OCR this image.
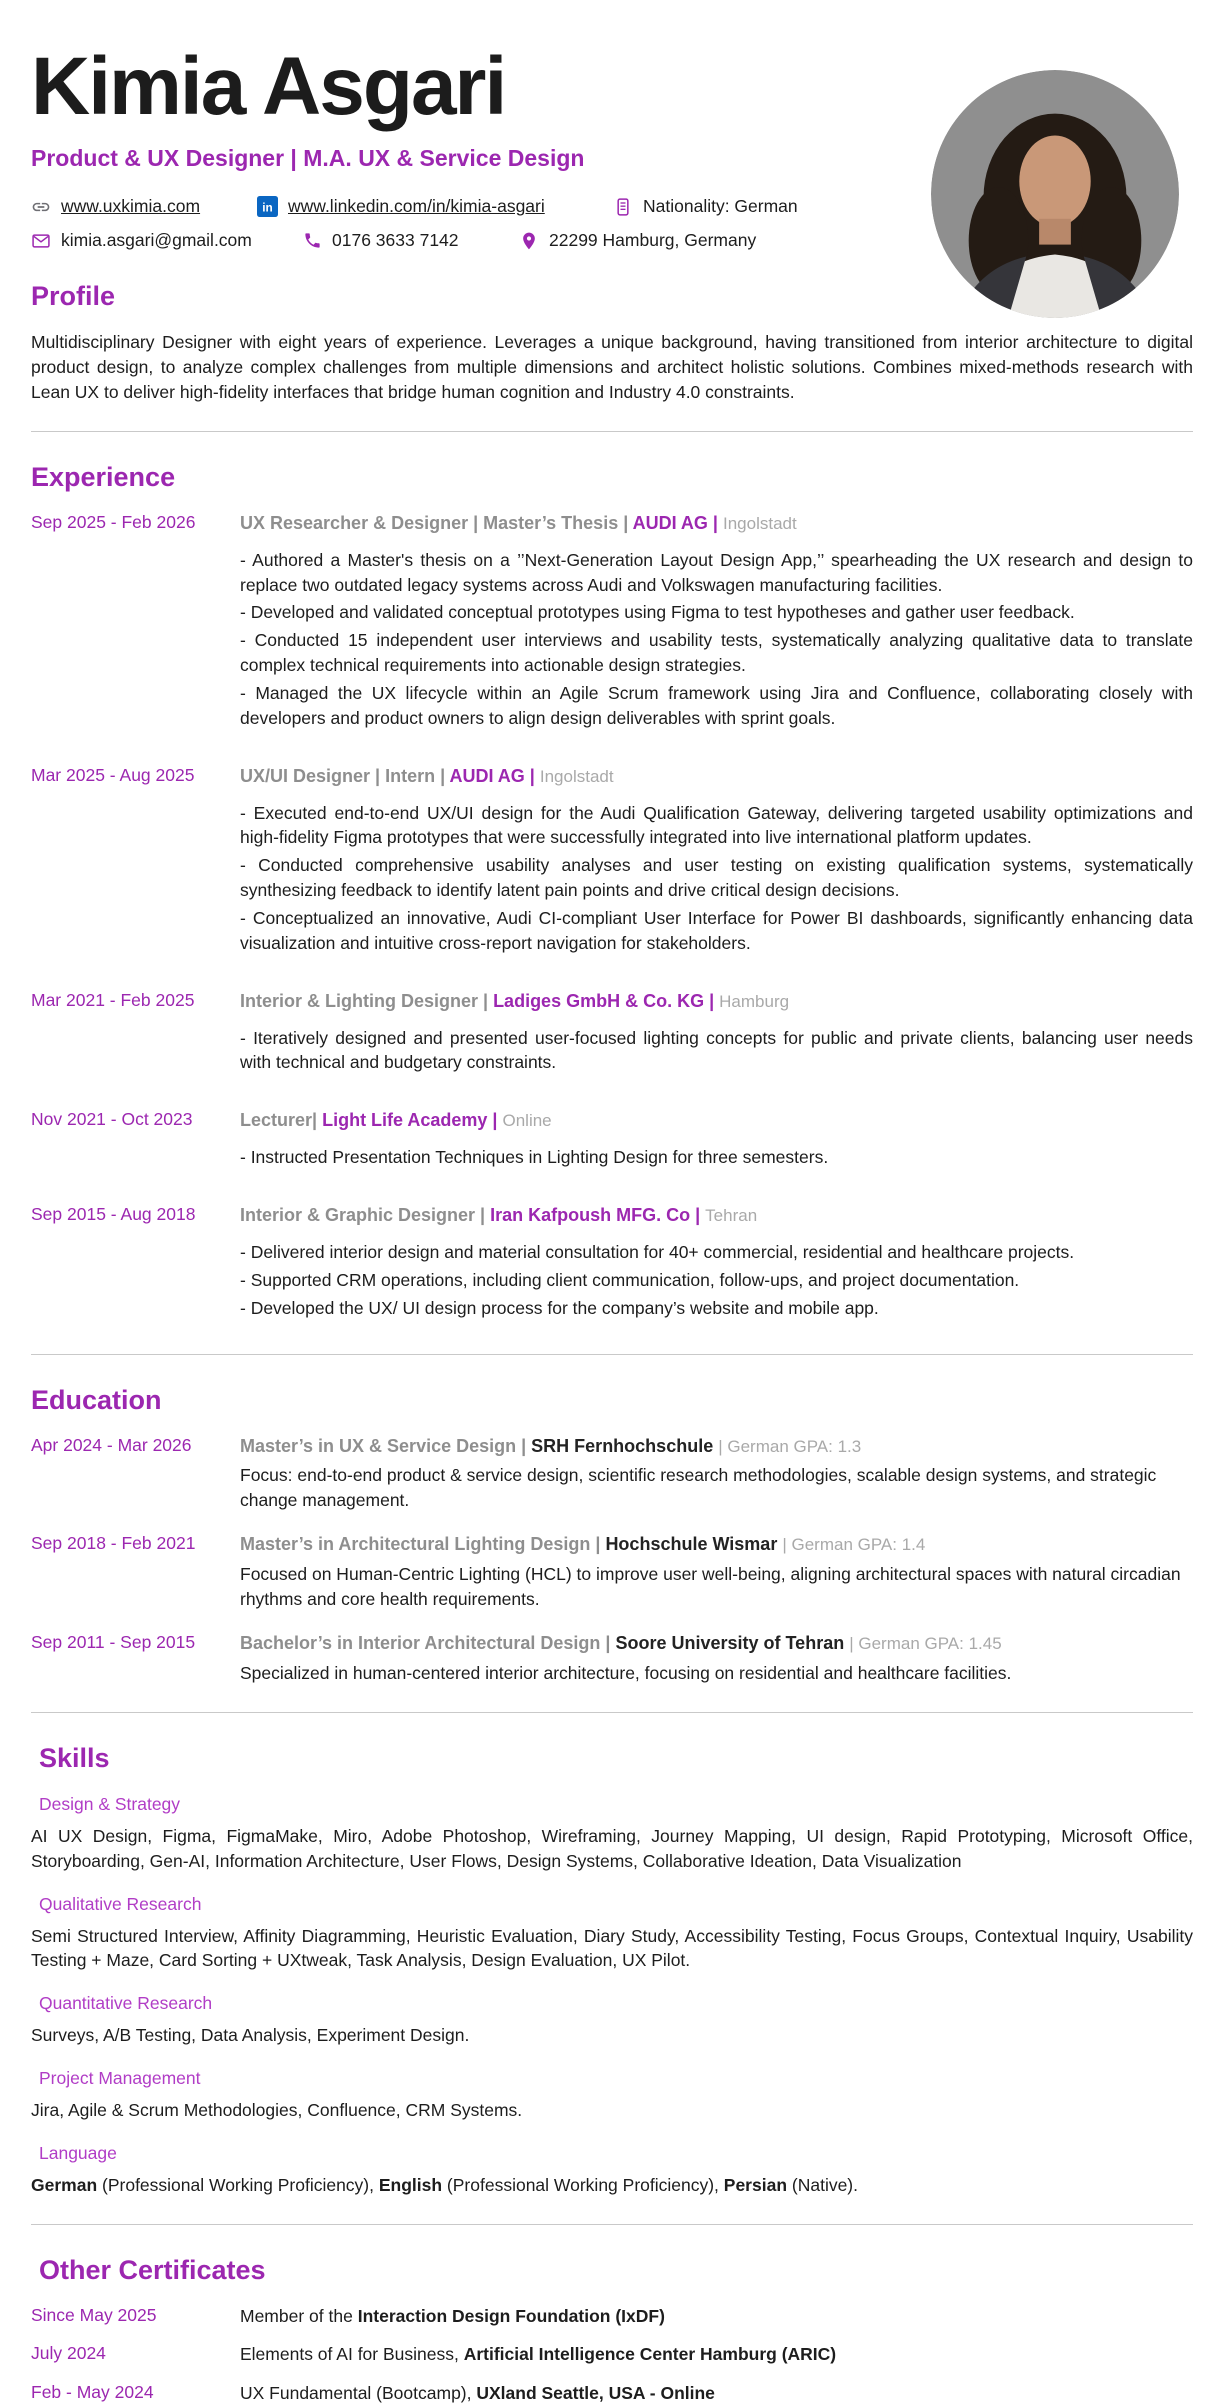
Kimia Asgari
Product & UX Designer | M.A. UX & Service Design
www.uxkimia.com	in www.linkedin.com/in/kimia-asgari	Nationality: German
kimia.asgari@gmail.com	0176 3633 7142	22299 Hamburg, Germany
Profile

Multidisciplinary Designer with eight years of experience. Leverages a unique background, having transitioned from interior architecture to digital product design, to analyze complex challenges from multiple dimensions and architect holistic solutions. Combines mixed-methods research with Lean UX to deliver high-fidelity interfaces that bridge human cognition and Industry 4.0 constraints.

Experience
Sep 2025 - Feb 2026	UX Researcher & Designer | Master’s Thesis | AUDI AG | Ingolstadt
- Authored a Master's thesis on a ’’Next-Generation Layout Design App,’’ spearheading the UX research and design to replace two outdated legacy systems across Audi and Volkswagen manufacturing facilities.
- Developed and validated conceptual prototypes using Figma to test hypotheses and gather user feedback.
- Conducted 15 independent user interviews and usability tests, systematically analyzing qualitative data to translate complex technical requirements into actionable design strategies.
- Managed the UX lifecycle within an Agile Scrum framework using Jira and Confluence, collaborating closely with developers and product owners to align design deliverables with sprint goals.
Mar 2025 - Aug 2025	UX/UI Designer | Intern | AUDI AG | Ingolstadt
- Executed end-to-end UX/UI design for the Audi Qualification Gateway, delivering targeted usability optimizations and high-fidelity Figma prototypes that were successfully integrated into live international platform updates.
- Conducted comprehensive usability analyses and user testing on existing qualification systems, systematically synthesizing feedback to identify latent pain points and drive critical design decisions.
- Conceptualized an innovative, Audi CI-compliant User Interface for Power BI dashboards, significantly enhancing data visualization and intuitive cross-report navigation for stakeholders.
Mar 2021 - Feb 2025	Interior & Lighting Designer | Ladiges GmbH & Co. KG | Hamburg
- Iteratively designed and presented user-focused lighting concepts for public and private clients, balancing user needs with technical and budgetary constraints.
Nov 2021 - Oct 2023	Lecturer| Light Life Academy | Online
- Instructed Presentation Techniques in Lighting Design for three semesters.
Sep 2015 - Aug 2018	Interior & Graphic Designer | Iran Kafpoush MFG. Co | Tehran
- Delivered interior design and material consultation for 40+ commercial, residential and healthcare projects.
- Supported CRM operations, including client communication, follow-ups, and project documentation.
- Developed the UX/ UI design process for the company’s website and mobile app.
Education
Apr 2024 - Mar 2026	Master’s in UX & Service Design | SRH Fernhochschule | German GPA: 1.3
Focus: end-to-end product & service design, scientific research methodologies, scalable design systems, and strategic change management.
Sep 2018 - Feb 2021	Master’s in Architectural Lighting Design | Hochschule Wismar | German GPA: 1.4
Focused on Human-Centric Lighting (HCL) to improve user well-being, aligning architectural spaces with natural circadian rhythms and core health requirements.
Sep 2011 - Sep 2015	Bachelor’s in Interior Architectural Design | Soore University of Tehran | German GPA: 1.45
Specialized in human-centered interior architecture, focusing on residential and healthcare facilities.
Skills
Design & Strategy
AI UX Design, Figma, FigmaMake, Miro, Adobe Photoshop, Wireframing, Journey Mapping, UI design, Rapid Prototyping, Microsoft Office, Storyboarding, Gen-AI, Information Architecture, User Flows, Design Systems, Collaborative Ideation, Data Visualization
Qualitative Research
Semi Structured Interview, Affinity Diagramming, Heuristic Evaluation, Diary Study, Accessibility Testing, Focus Groups, Contextual Inquiry, Usability Testing + Maze, Card Sorting + UXtweak, Task Analysis, Design Evaluation, UX Pilot.
Quantitative Research
Surveys, A/B Testing, Data Analysis, Experiment Design.
Project Management
Jira, Agile & Scrum Methodologies, Confluence, CRM Systems.
Language
German (Professional Working Proficiency), English (Professional Working Proficiency), Persian (Native).
Other Certificates
Since May 2025	Member of the Interaction Design Foundation (IxDF)
July 2024	Elements of AI for Business, Artificial Intelligence Center Hamburg (ARIC)
Feb - May 2024	UX Fundamental (Bootcamp), UXland Seattle, USA - Online
